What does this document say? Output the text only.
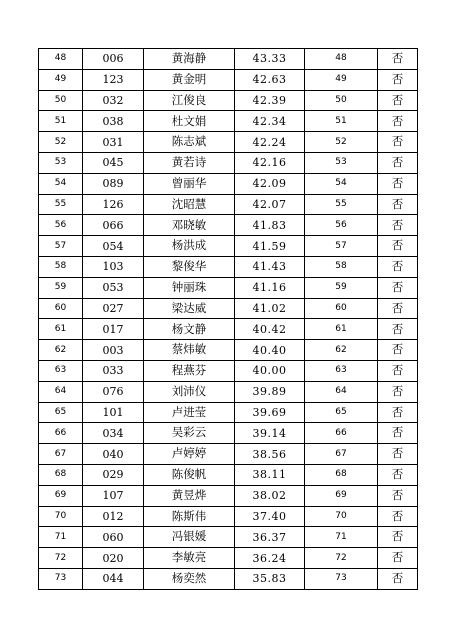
48	006	黄海静	43.33	48	否
49	123	黄金明	42.63	49	否
50	032	江俊良	42.39	50	否
51	038	杜文娟	42.34	51	否
52	031	陈志斌	42.24	52	否
53	045	黄若诗	42.16	53	否
54	089	曾丽华	42.09	54	否
55	126	沈昭慧	42.07	55	否
56	066	邓晓敏	41.83	56	否
57	054	杨洪成	41.59	57	否
58	103	黎俊华	41.43	58	否
59	053	钟丽珠	41.16	59	否
60	027	梁达威	41.02	60	否
61	017	杨文静	40.42	61	否
62	003	蔡炜敏	40.40	62	否
63	033	程燕芬	40.00	63	否
64	076	刘沛仪	39.89	64	否
65	101	卢进莹	39.69	65	否
66	034	吴彩云	39.14	66	否
67	040	卢婷婷	38.56	67	否
68	029	陈俊帆	38.11	68	否
69	107	黄昱烨	38.02	69	否
70	012	陈斯伟	37.40	70	否
71	060	冯银媛	36.37	71	否
72	020	李敏亮	36.24	72	否
73	044	杨奕然	35.83	73	否
